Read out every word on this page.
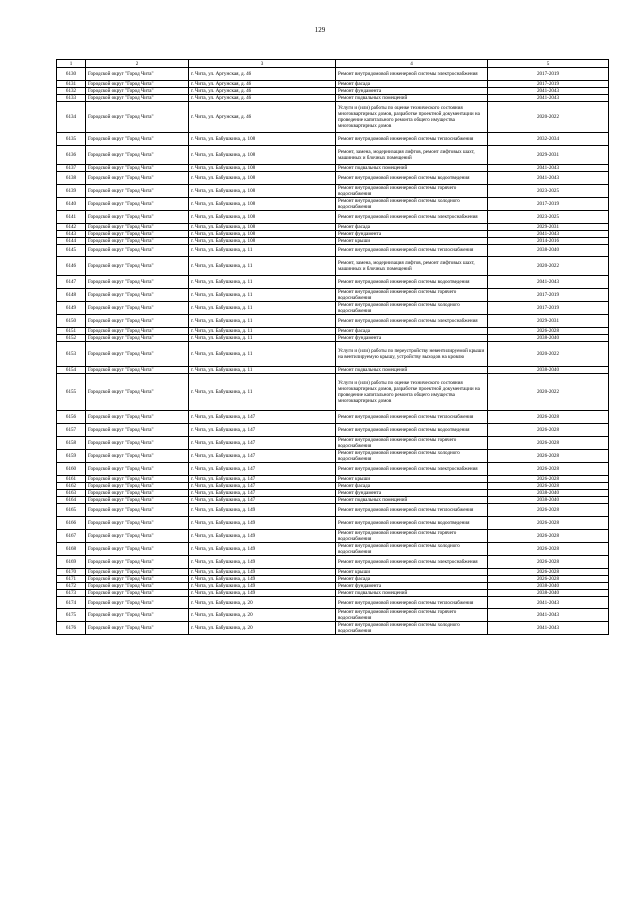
129
1	2	3	4	5
6130	Городской округ "Город Чита"	г. Чита, ул. Аргунская, д. 46	Ремонт внутридомовой инженерной системы электроснабжения	2017-2019
6131	Городской округ "Город Чита"	г. Чита, ул. Аргунская, д. 46	Ремонт фасада	2017-2019
6132	Городской округ "Город Чита"	г. Чита, ул. Аргунская, д. 46	Ремонт фундамента	2041-2043
6133	Городской округ "Город Чита"	г. Чита, ул. Аргунская, д. 46	Ремонт подвальных помещений	2041-2043
6134	Городской округ "Город Чита"	г. Чита, ул. Аргунская, д. 46	Услуги и (или) работы по оценке технического состояния многоквартирных домов, разработке проектной документации на проведение капитального ремонта общего имущества многоквартирных домов	2020-2022
6135	Городской округ "Город Чита"	г. Чита, ул. Бабушкина, д. 108	Ремонт внутридомовой инженерной системы теплоснабжения	2032-2034
6136	Городской округ "Город Чита"	г. Чита, ул. Бабушкина, д. 108	Ремонт, замена, модернизация лифтов, ремонт лифтовых шахт, машинных и блочных помещений	2029-2031
6137	Городской округ "Город Чита"	г. Чита, ул. Бабушкина, д. 108	Ремонт подвальных помещений	2041-2043
6138	Городской округ "Город Чита"	г. Чита, ул. Бабушкина, д. 108	Ремонт внутридомовой инженерной системы водоотведения	2041-2043
6139	Городской округ "Город Чита"	г. Чита, ул. Бабушкина, д. 108	Ремонт внутридомовой инженерной системы горячего водоснабжения	2023-2025
6140	Городской округ "Город Чита"	г. Чита, ул. Бабушкина, д. 108	Ремонт внутридомовой инженерной системы холодного водоснабжения	2017-2019
6141	Городской округ "Город Чита"	г. Чита, ул. Бабушкина, д. 108	Ремонт внутридомовой инженерной системы электроснабжения	2023-2025
6142	Городской округ "Город Чита"	г. Чита, ул. Бабушкина, д. 108	Ремонт фасада	2029-2031
6143	Городской округ "Город Чита"	г. Чита, ул. Бабушкина, д. 108	Ремонт фундамента	2041-2043
6144	Городской округ "Город Чита"	г. Чита, ул. Бабушкина, д. 108	Ремонт крыши	2014-2016
6145	Городской округ "Город Чита"	г. Чита, ул. Бабушкина, д. 11	Ремонт внутридомовой инженерной системы теплоснабжения	2038-2040
6146	Городской округ "Город Чита"	г. Чита, ул. Бабушкина, д. 11	Ремонт, замена, модернизация лифтов, ремонт лифтовых шахт, машинных и блочных помещений	2020-2022
6147	Городской округ "Город Чита"	г. Чита, ул. Бабушкина, д. 11	Ремонт внутридомовой инженерной системы водоотведения	2041-2043
6148	Городской округ "Город Чита"	г. Чита, ул. Бабушкина, д. 11	Ремонт внутридомовой инженерной системы горячего водоснабжения	2017-2019
6149	Городской округ "Город Чита"	г. Чита, ул. Бабушкина, д. 11	Ремонт внутридомовой инженерной системы холодного водоснабжения	2017-2019
6150	Городской округ "Город Чита"	г. Чита, ул. Бабушкина, д. 11	Ремонт внутридомовой инженерной системы электроснабжения	2029-2031
6151	Городской округ "Город Чита"	г. Чита, ул. Бабушкина, д. 11	Ремонт фасада	2026-2028
6152	Городской округ "Город Чита"	г. Чита, ул. Бабушкина, д. 11	Ремонт фундамента	2038-2040
6153	Городской округ "Город Чита"	г. Чита, ул. Бабушкина, д. 11	Услуги и (или) работы по переустройству невентилируемой крыши на вентилируемую крышу, устройству выходов на кровлю	2020-2022
6154	Городской округ "Город Чита"	г. Чита, ул. Бабушкина, д. 11	Ремонт подвальных помещений	2038-2040
6155	Городской округ "Город Чита"	г. Чита, ул. Бабушкина, д. 11	Услуги и (или) работы по оценке технического состояния многоквартирных домов, разработке проектной документации на проведение капитального ремонта общего имущества многоквартирных домов	2020-2022
6156	Городской округ "Город Чита"	г. Чита, ул. Бабушкина, д. 147	Ремонт внутридомовой инженерной системы теплоснабжения	2026-2028
6157	Городской округ "Город Чита"	г. Чита, ул. Бабушкина, д. 147	Ремонт внутридомовой инженерной системы водоотведения	2026-2028
6158	Городской округ "Город Чита"	г. Чита, ул. Бабушкина, д. 147	Ремонт внутридомовой инженерной системы горячего водоснабжения	2026-2028
6159	Городской округ "Город Чита"	г. Чита, ул. Бабушкина, д. 147	Ремонт внутридомовой инженерной системы холодного водоснабжения	2026-2028
6160	Городской округ "Город Чита"	г. Чита, ул. Бабушкина, д. 147	Ремонт внутридомовой инженерной системы электроснабжения	2026-2028
6161	Городской округ "Город Чита"	г. Чита, ул. Бабушкина, д. 147	Ремонт крыши	2026-2028
6162	Городской округ "Город Чита"	г. Чита, ул. Бабушкина, д. 147	Ремонт фасада	2026-2028
6163	Городской округ "Город Чита"	г. Чита, ул. Бабушкина, д. 147	Ремонт фундамента	2038-2040
6164	Городской округ "Город Чита"	г. Чита, ул. Бабушкина, д. 147	Ремонт подвальных помещений	2038-2040
6165	Городской округ "Город Чита"	г. Чита, ул. Бабушкина, д. 149	Ремонт внутридомовой инженерной системы теплоснабжения	2026-2028
6166	Городской округ "Город Чита"	г. Чита, ул. Бабушкина, д. 149	Ремонт внутридомовой инженерной системы водоотведения	2026-2028
6167	Городской округ "Город Чита"	г. Чита, ул. Бабушкина, д. 149	Ремонт внутридомовой инженерной системы горячего водоснабжения	2026-2028
6168	Городской округ "Город Чита"	г. Чита, ул. Бабушкина, д. 149	Ремонт внутридомовой инженерной системы холодного водоснабжения	2026-2028
6169	Городской округ "Город Чита"	г. Чита, ул. Бабушкина, д. 149	Ремонт внутридомовой инженерной системы электроснабжения	2026-2028
6170	Городской округ "Город Чита"	г. Чита, ул. Бабушкина, д. 149	Ремонт крыши	2026-2028
6171	Городской округ "Город Чита"	г. Чита, ул. Бабушкина, д. 149	Ремонт фасада	2026-2028
6172	Городской округ "Город Чита"	г. Чита, ул. Бабушкина, д. 149	Ремонт фундамента	2038-2040
6173	Городской округ "Город Чита"	г. Чита, ул. Бабушкина, д. 149	Ремонт подвальных помещений	2038-2040
6174	Городской округ "Город Чита"	г. Чита, ул. Бабушкина, д. 20	Ремонт внутридомовой инженерной системы теплоснабжения	2041-2043
6175	Городской округ "Город Чита"	г. Чита, ул. Бабушкина, д. 20	Ремонт внутридомовой инженерной системы горячего водоснабжения	2041-2043
6176	Городской округ "Город Чита"	г. Чита, ул. Бабушкина, д. 20	Ремонт внутридомовой инженерной системы холодного водоснабжения	2041-2043
